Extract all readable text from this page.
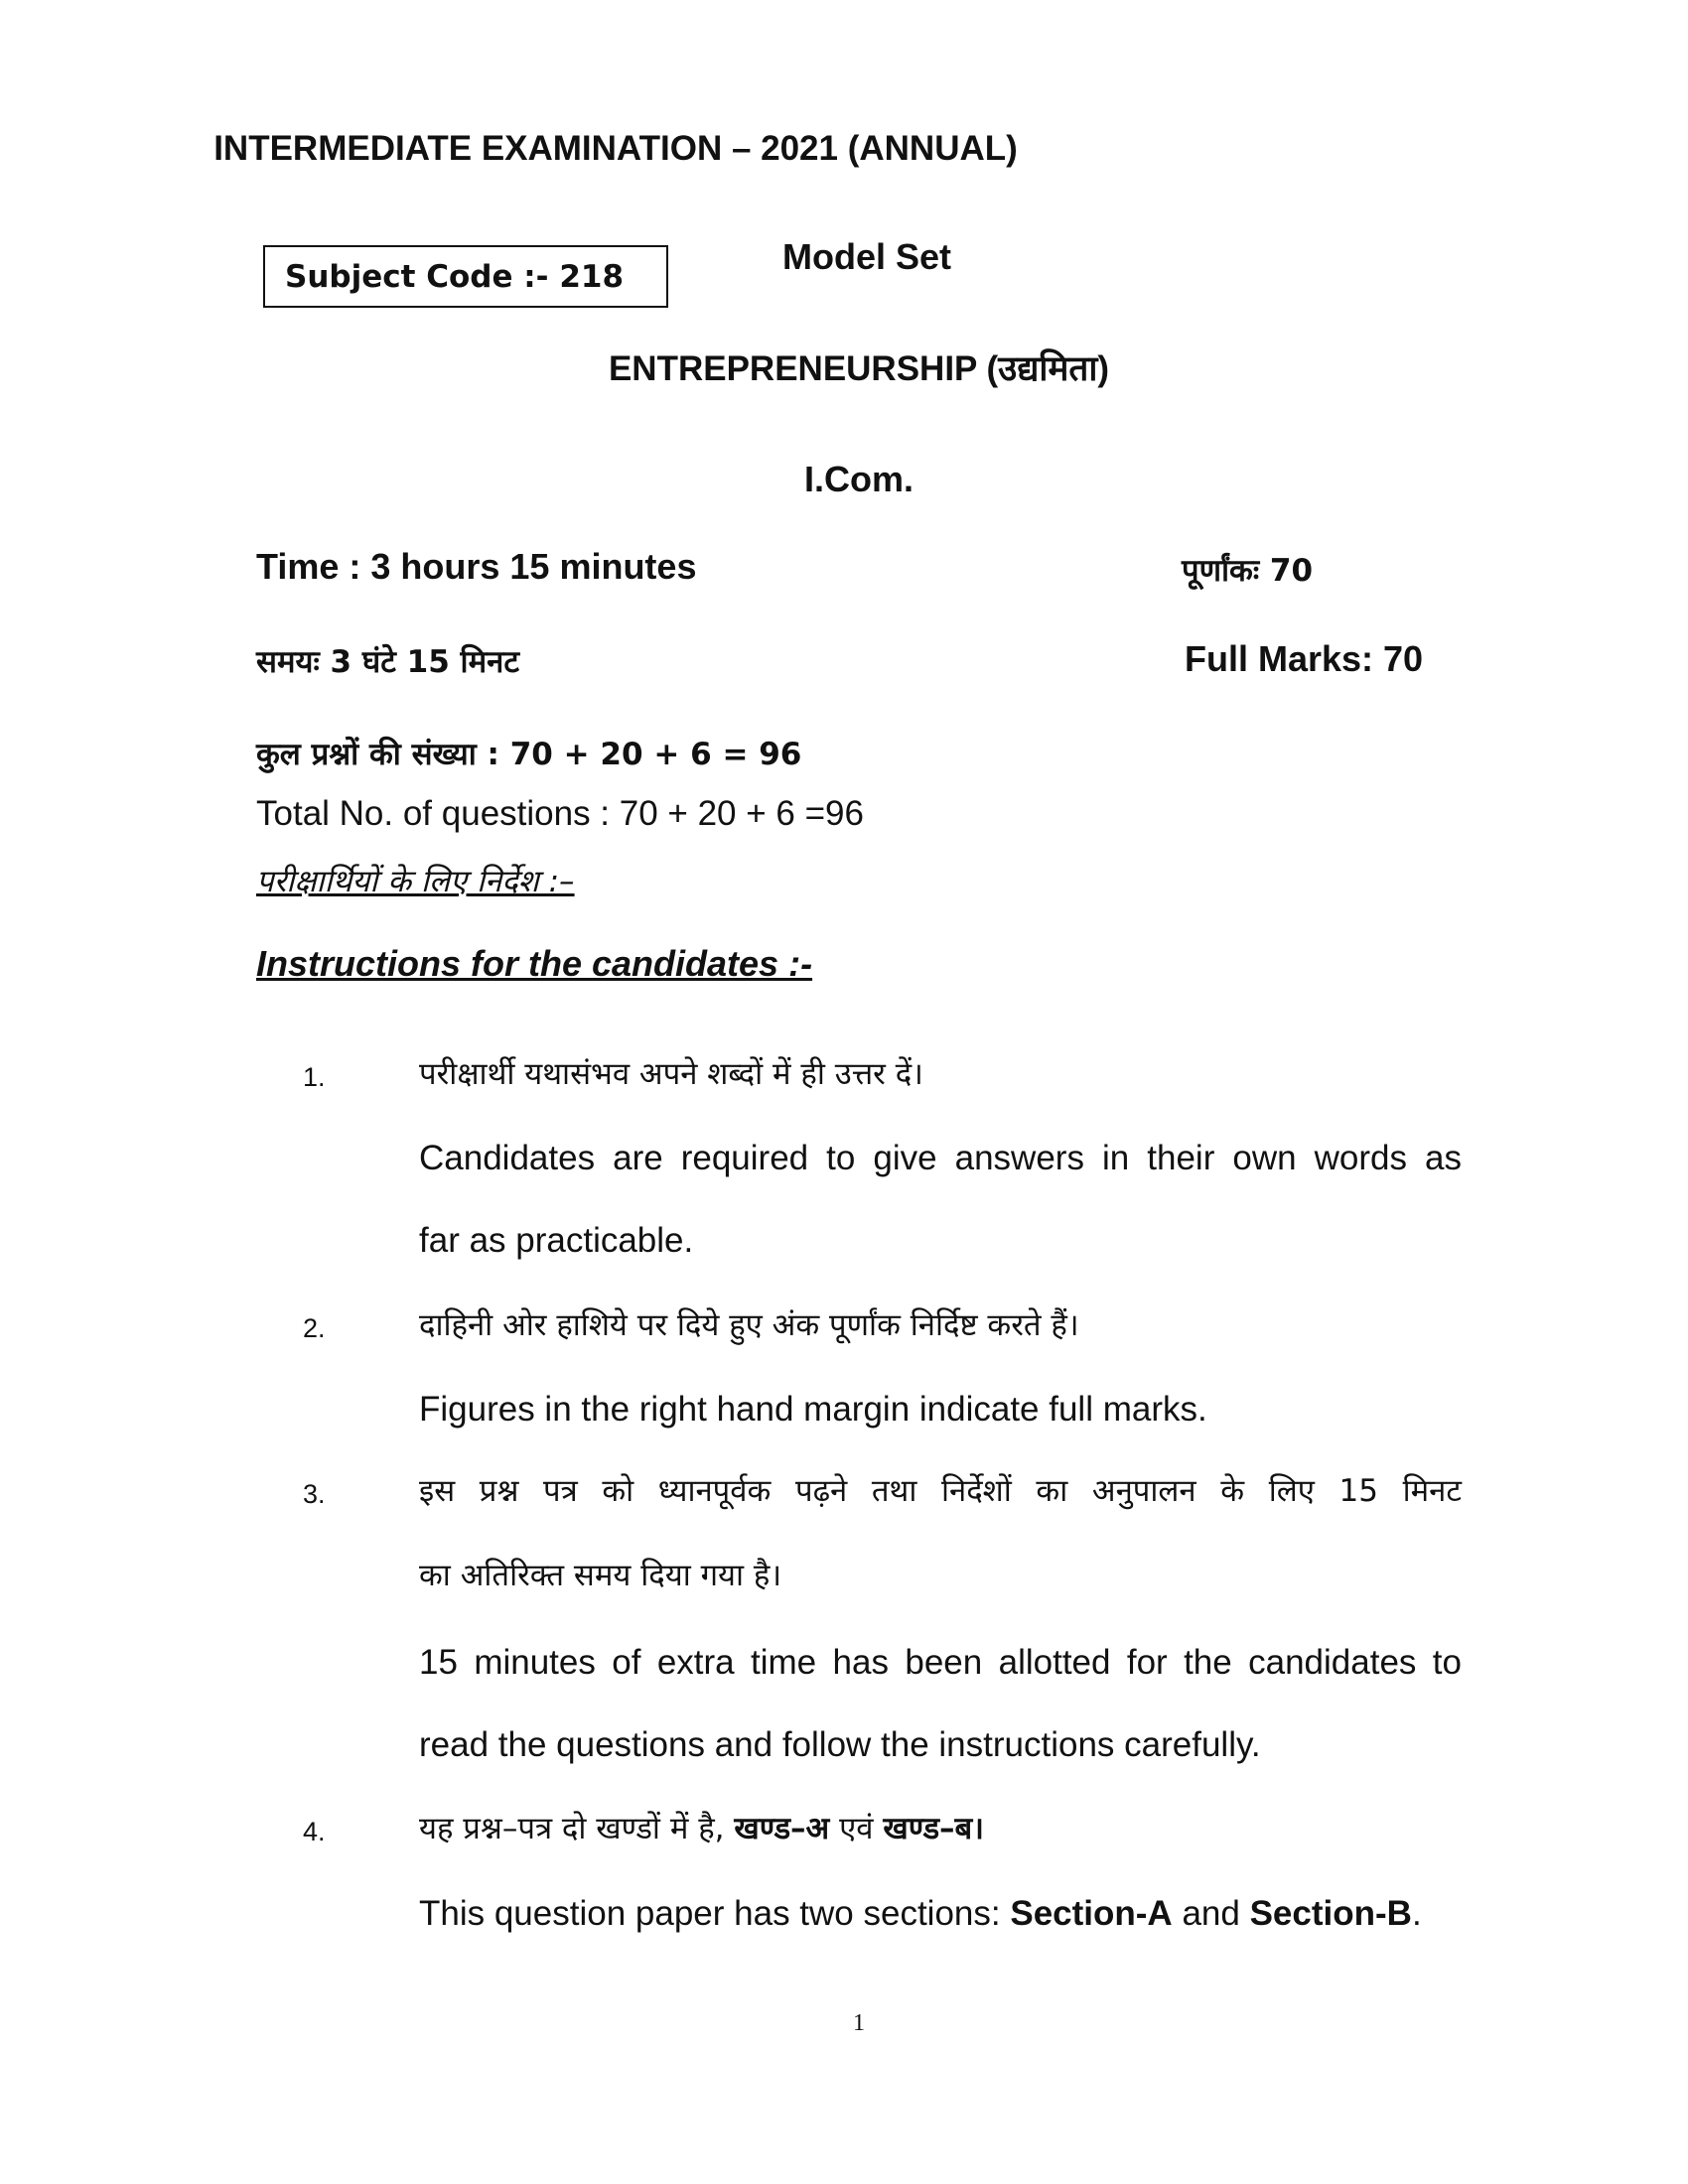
INTERMEDIATE EXAMINATION – 2021 (ANNUAL)
Subject Code :- 218	Model Set
ENTREPRENEURSHIP (उद्यमिता)
I.Com.
Time : 3 hours 15 minutes	पूर्णांकः 70
समयः 3 घंटे 15 मिनट	Full Marks: 70
कुल प्रश्नों की संख्या : 70 + 20 + 6 = 96
Total No. of questions : 70 + 20 + 6 =96
परीक्षार्थियों के लिए निर्देश :–
Instructions for the candidates :-
1.	परीक्षार्थी यथासंभव अपने शब्दों में ही उत्तर दें।
Candidates are required to give answers in their own words as
far as practicable.
2.	दाहिनी ओर हाशिये पर दिये हुए अंक पूर्णांक निर्दिष्ट करते हैं।
Figures in the right hand margin indicate full marks.
3.	इस प्रश्न पत्र को ध्यानपूर्वक पढ़ने तथा निर्देशों का अनुपालन के लिए 15 मिनट
का अतिरिक्त समय दिया गया है।
15 minutes of extra time has been allotted for the candidates to
read the questions and follow the instructions carefully.
4.	यह प्रश्न–पत्र दो खण्डों में है, खण्ड–अ एवं खण्ड–ब।
This question paper has two sections: Section-A and Section-B.
1
